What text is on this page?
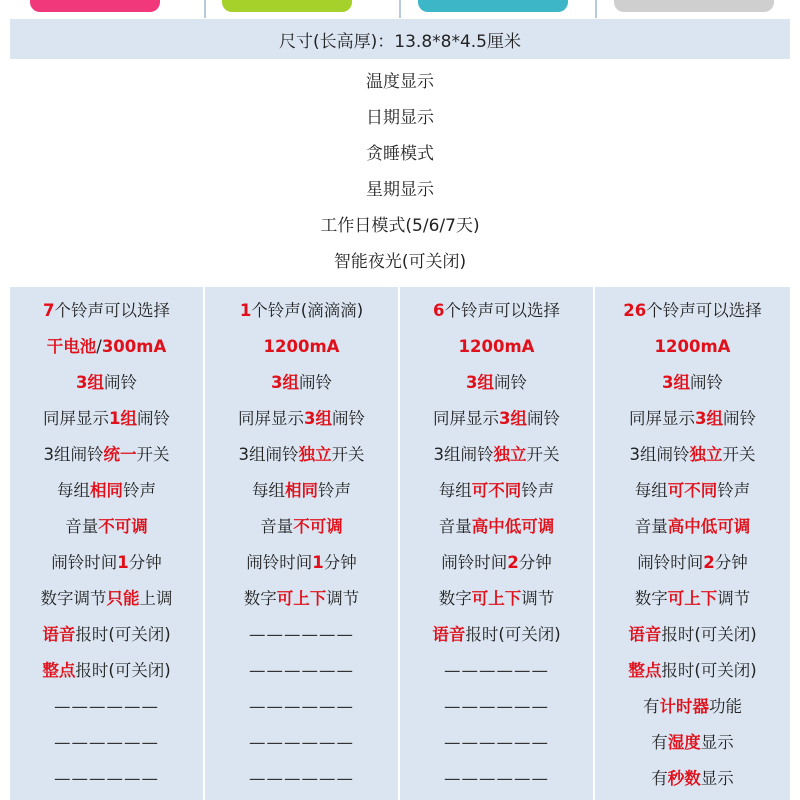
尺寸(长高厚)：13.8*8*4.5厘米
温度显示
日期显示
贪睡模式
星期显示
工作日模式(5/6/7天)
智能夜光(可关闭)
7个铃声可以选择
干电池/300mA
3组闹铃
同屏显示1组闹铃
3组闹铃统一开关
每组相同铃声
音量不可调
闹铃时间1分钟
数字调节只能上调
语音报时(可关闭)
整点报时(可关闭)
——————
——————
——————
1个铃声(滴滴滴)
1200mA
3组闹铃
同屏显示3组闹铃
3组闹铃独立开关
每组相同铃声
音量不可调
闹铃时间1分钟
数字可上下调节
——————
——————
——————
——————
——————
6个铃声可以选择
1200mA
3组闹铃
同屏显示3组闹铃
3组闹铃独立开关
每组可不同铃声
音量高中低可调
闹铃时间2分钟
数字可上下调节
语音报时(可关闭)
——————
——————
——————
——————
26个铃声可以选择
1200mA
3组闹铃
同屏显示3组闹铃
3组闹铃独立开关
每组可不同铃声
音量高中低可调
闹铃时间2分钟
数字可上下调节
语音报时(可关闭)
整点报时(可关闭)
有计时器功能
有湿度显示
有秒数显示
